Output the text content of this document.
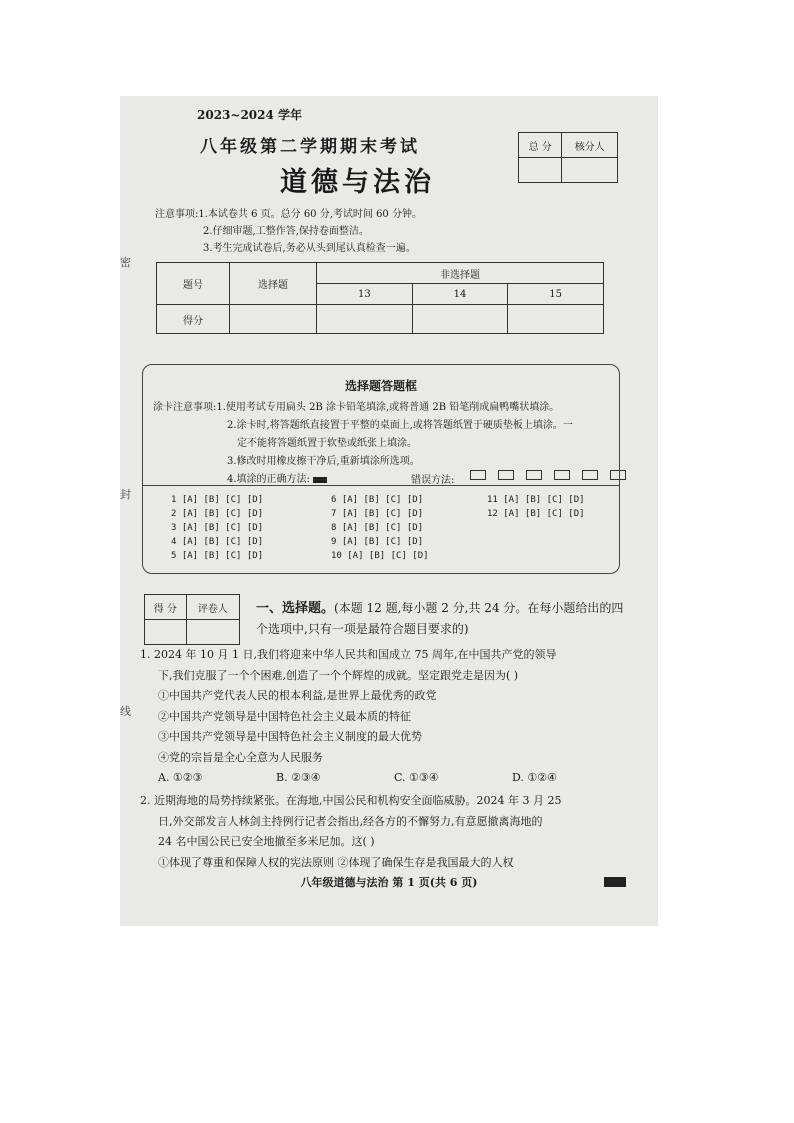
2023~2024 学年
八年级第二学期期末考试
道德与法治
总 分	核分人

注意事项:1.本试卷共 6 页。总分 60 分,考试时间 60 分钟。
2.仔细审题,工整作答,保持卷面整洁。
3.考生完成试卷后,务必从头到尾认真检查一遍。
题号	选择题	非选择题		
		13	14	15
得分				
选择题答题框
涂卡注意事项:1.使用考试专用扁头 2B 涂卡铅笔填涂,或将普通 2B 铅笔削成扁鸭嘴状填涂。
2.涂卡时,将答题纸直接置于平整的桌面上,或将答题纸置于硬质垫板上填涂。一
定不能将答题纸置于软垫或纸张上填涂。
3.修改时用橡皮擦干净后,重新填涂所选项。
4.填涂的正确方法:	错误方法:
1 [A] [B] [C] [D]
2 [A] [B] [C] [D]
3 [A] [B] [C] [D]
4 [A] [B] [C] [D]
5 [A] [B] [C] [D]
6 [A] [B] [C] [D]
7 [A] [B] [C] [D]
8 [A] [B] [C] [D]
9 [A] [B] [C] [D]
10 [A] [B] [C] [D]
11 [A] [B] [C] [D]
12 [A] [B] [C] [D]
得 分	评卷人
	一、选择题。(本题 12 题,每小题 2 分,共 24 分。在每小题给出的四
个选项中,只有一项是最符合题目要求的)
1. 2024 年 10 月 1 日,我们将迎来中华人民共和国成立 75 周年,在中国共产党的领导
下,我们克服了一个个困难,创造了一个个辉煌的成就。坚定跟党走是因为( )
①中国共产党代表人民的根本利益,是世界上最优秀的政党
②中国共产党领导是中国特色社会主义最本质的特征
③中国共产党领导是中国特色社会主义制度的最大优势
④党的宗旨是全心全意为人民服务
A. ①②③	B. ②③④	C. ①③④	D. ①②④
2. 近期海地的局势持续紧张。在海地,中国公民和机构安全面临威胁。2024 年 3 月 25
日,外交部发言人林剑主持例行记者会指出,经各方的不懈努力,有意愿撤离海地的
24 名中国公民已安全地撤至多米尼加。这( )
①体现了尊重和保障人权的宪法原则 ②体现了确保生存是我国最大的人权
八年级道德与法治 第 1 页(共 6 页)
密
封
线
